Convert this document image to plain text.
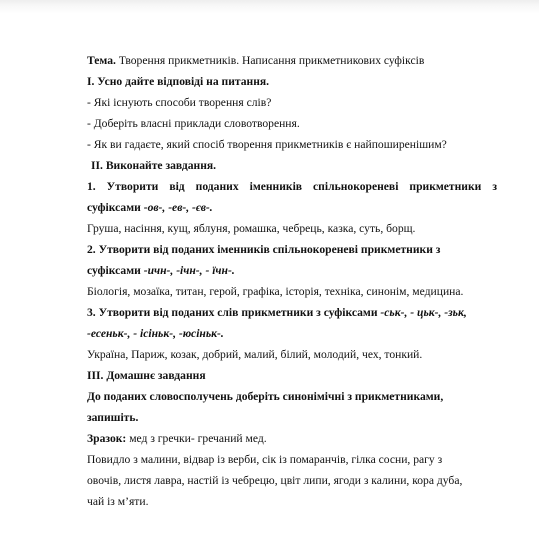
Тема. Творення прикметників. Написання прикметникових суфіксів
І. Усно дайте відповіді на питання.
- Які існують способи творення слів?
- Доберіть власні приклади словотворення.
- Як ви гадаєте, який спосіб творення прикметників є найпоширенішим?
ІІ. Виконайте завдання.
1. Утворити від поданих іменників спільнокореневі прикметники з
суфіксами -ов-, -ев-, -єв-.
Груша, насіння, кущ, яблуня, ромашка, чебрець, казка, суть, борщ.
2. Утворити від поданих іменників спільнокореневі прикметники з
суфіксами -ичн-, -ічн-, - їчн-.
Біологія, мозаїка, титан, герой, графіка, історія, техніка, синонім, медицина.
3. Утворити від поданих слів прикметники з суфіксами -ськ-, - цьк-, -зьк,
-есеньк-, - ісіньк-, -юсіньк-.
Україна, Париж, козак, добрий, малий, білий, молодий, чех, тонкий.
ІІІ. Домашнє завдання
До поданих словосполучень доберіть синонімічні з прикметниками,
запишіть.
Зразок: мед з гречки- гречаний мед.
Повидло з малини, відвар із верби, сік із помаранчів, гілка сосни, рагу з
овочів, листя лавра, настій із чебрецю, цвіт липи, ягоди з калини, кора дуба,
чай із м’яти.
